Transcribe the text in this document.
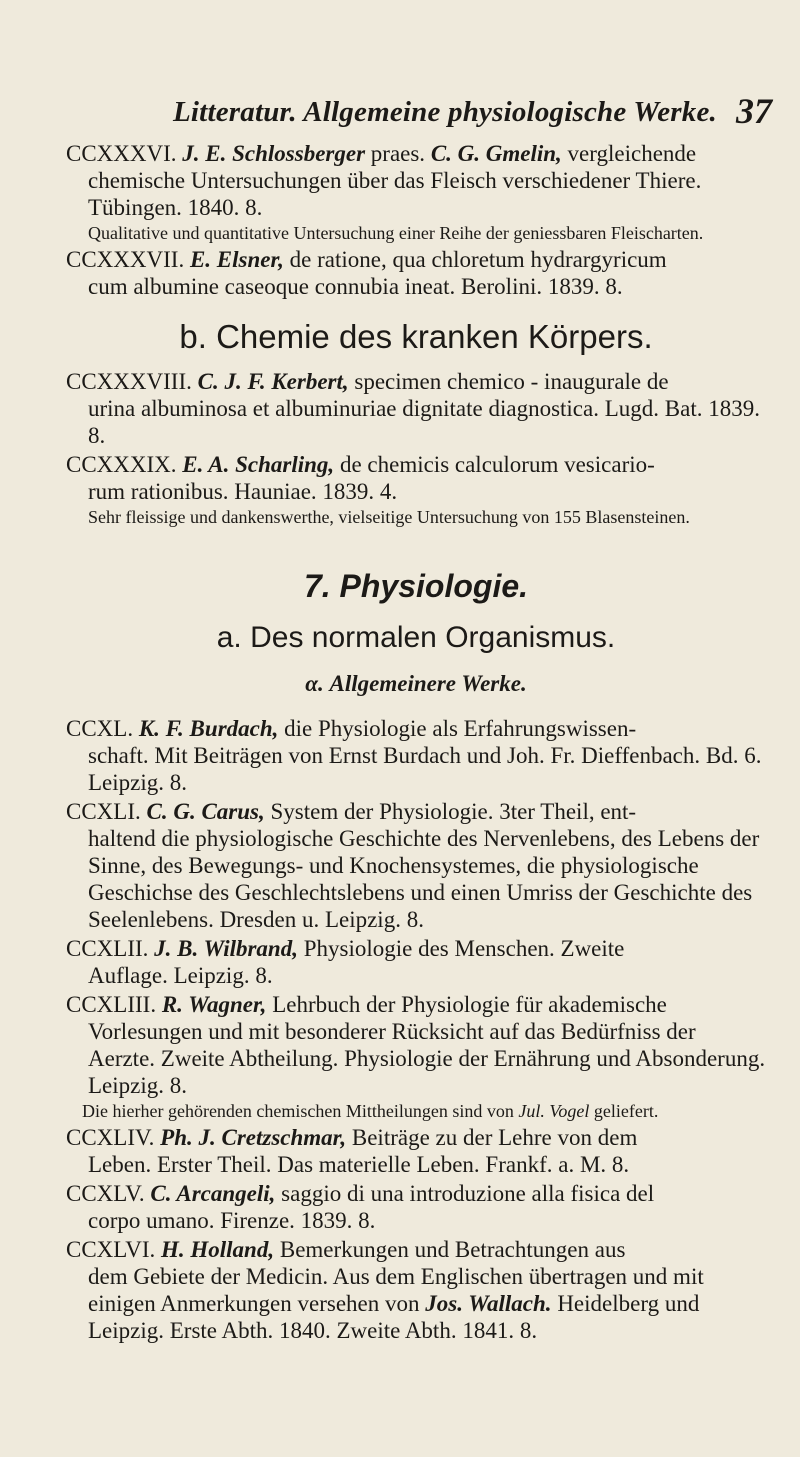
Litteratur. Allgemeine physiologische Werke. 37
CCXXXVI. J. E. Schlossberger praes. C. G. Gmelin, vergleichende
chemische Untersuchungen über das Fleisch verschiedener Thiere. Tübingen. 1840. 8.
Qualitative und quantitative Untersuchung einer Reihe der geniessbaren Fleischarten.
CCXXXVII. E. Elsner, de ratione, qua chloretum hydrargyricum
cum albumine caseoque connubia ineat. Berolini. 1839. 8.
b. Chemie des kranken Körpers.
CCXXXVIII. C. J. F. Kerbert, specimen chemico - inaugurale de
urina albuminosa et albuminuriae dignitate diagnostica. Lugd. Bat. 1839. 8.
CCXXXIX. E. A. Scharling, de chemicis calculorum vesicario-
rum rationibus. Hauniae. 1839. 4.
Sehr fleissige und dankenswerthe, vielseitige Untersuchung von 155 Blasensteinen.
7. Physiologie.
a. Des normalen Organismus.
α. Allgemeinere Werke.
CCXL. K. F. Burdach, die Physiologie als Erfahrungswissen-
schaft. Mit Beiträgen von Ernst Burdach und Joh. Fr. Dieffenbach. Bd. 6. Leipzig. 8.
CCXLI. C. G. Carus, System der Physiologie. 3ter Theil, ent-
haltend die physiologische Geschichte des Nervenlebens, des Lebens der Sinne, des Bewegungs- und Knochensystemes, die physiologische Geschichse des Geschlechtslebens und einen Umriss der Geschichte des Seelenlebens. Dresden u. Leipzig. 8.
CCXLII. J. B. Wilbrand, Physiologie des Menschen. Zweite
Auflage. Leipzig. 8.
CCXLIII. R. Wagner, Lehrbuch der Physiologie für akademische
Vorlesungen und mit besonderer Rücksicht auf das Bedürfniss der Aerzte. Zweite Abtheilung. Physiologie der Ernährung und Absonderung. Leipzig. 8.
Die hierher gehörenden chemischen Mittheilungen sind von Jul. Vogel geliefert.
CCXLIV. Ph. J. Cretzschmar, Beiträge zu der Lehre von dem
Leben. Erster Theil. Das materielle Leben. Frankf. a. M. 8.
CCXLV. C. Arcangeli, saggio di una introduzione alla fisica del
corpo umano. Firenze. 1839. 8.
CCXLVI. H. Holland, Bemerkungen und Betrachtungen aus
dem Gebiete der Medicin. Aus dem Englischen übertragen und mit einigen Anmerkungen versehen von Jos. Wallach. Heidelberg und Leipzig. Erste Abth. 1840. Zweite Abth. 1841. 8.
